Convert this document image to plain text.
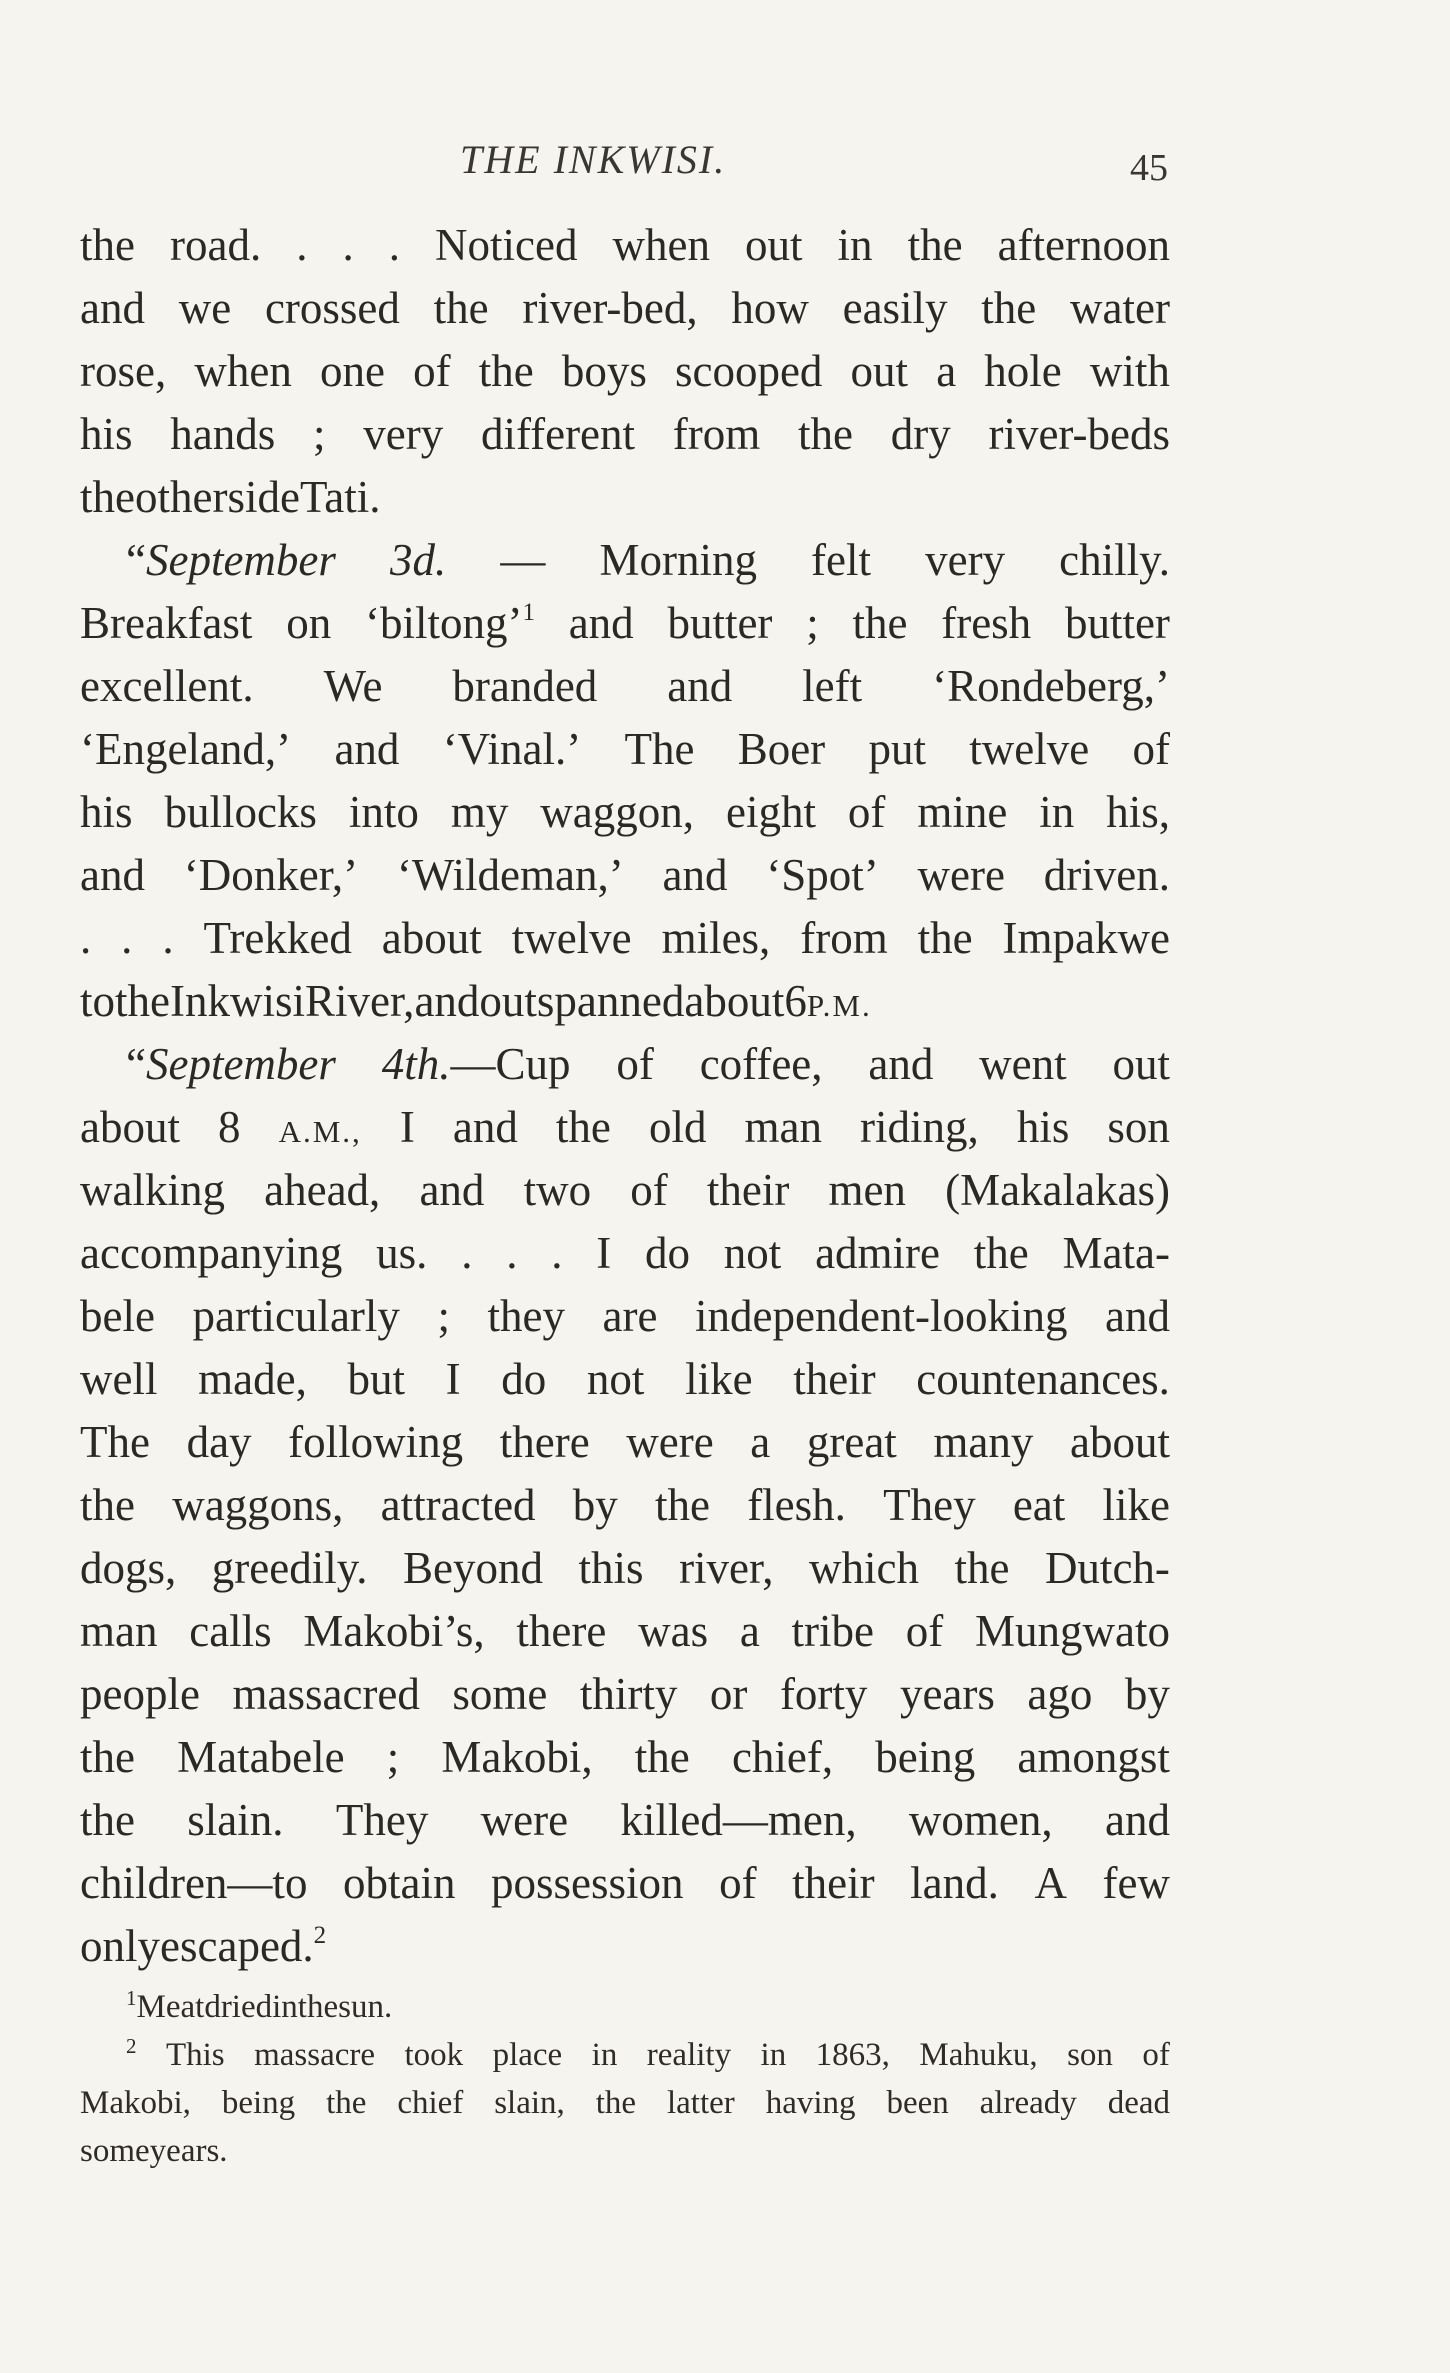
THE INKWISI.	45
the road. . . . Noticed when out in the afternoon
and we crossed the river-bed, how easily the water
rose, when one of the boys scooped out a hole with
his hands ; very different from the dry river-beds
the other side Tati.
“September 3d. — Morning felt very chilly.
Breakfast on ‘biltong’$^1$ and butter ; the fresh butter
excellent. We branded and left ‘Rondeberg,’
‘Engeland,’ and ‘Vinal.’ The Boer put twelve of
his bullocks into my waggon, eight of mine in his,
and ‘Donker,’ ‘Wildeman,’ and ‘Spot’ were driven.
. . . Trekked about twelve miles, from the Impakwe
to the Inkwisi River, and outspanned about 6 P.M.
“September 4th.—Cup of coffee, and went out
about 8 A.M., I and the old man riding, his son
walking ahead, and two of their men (Makalakas)
accompanying us. . . . I do not admire the Mata-
bele particularly ; they are independent-looking and
well made, but I do not like their countenances.
The day following there were a great many about
the waggons, attracted by the flesh. They eat like
dogs, greedily. Beyond this river, which the Dutch-
man calls Makobi’s, there was a tribe of Mungwato
people massacred some thirty or forty years ago by
the Matabele ; Makobi, the chief, being amongst
the slain. They were killed—men, women, and
children—to obtain possession of their land. A few
only escaped.$^2$
$^1$ Meat dried in the sun.
$^2$ This massacre took place in reality in 1863, Mahuku, son of
Makobi, being the chief slain, the latter having been already dead
some years.
